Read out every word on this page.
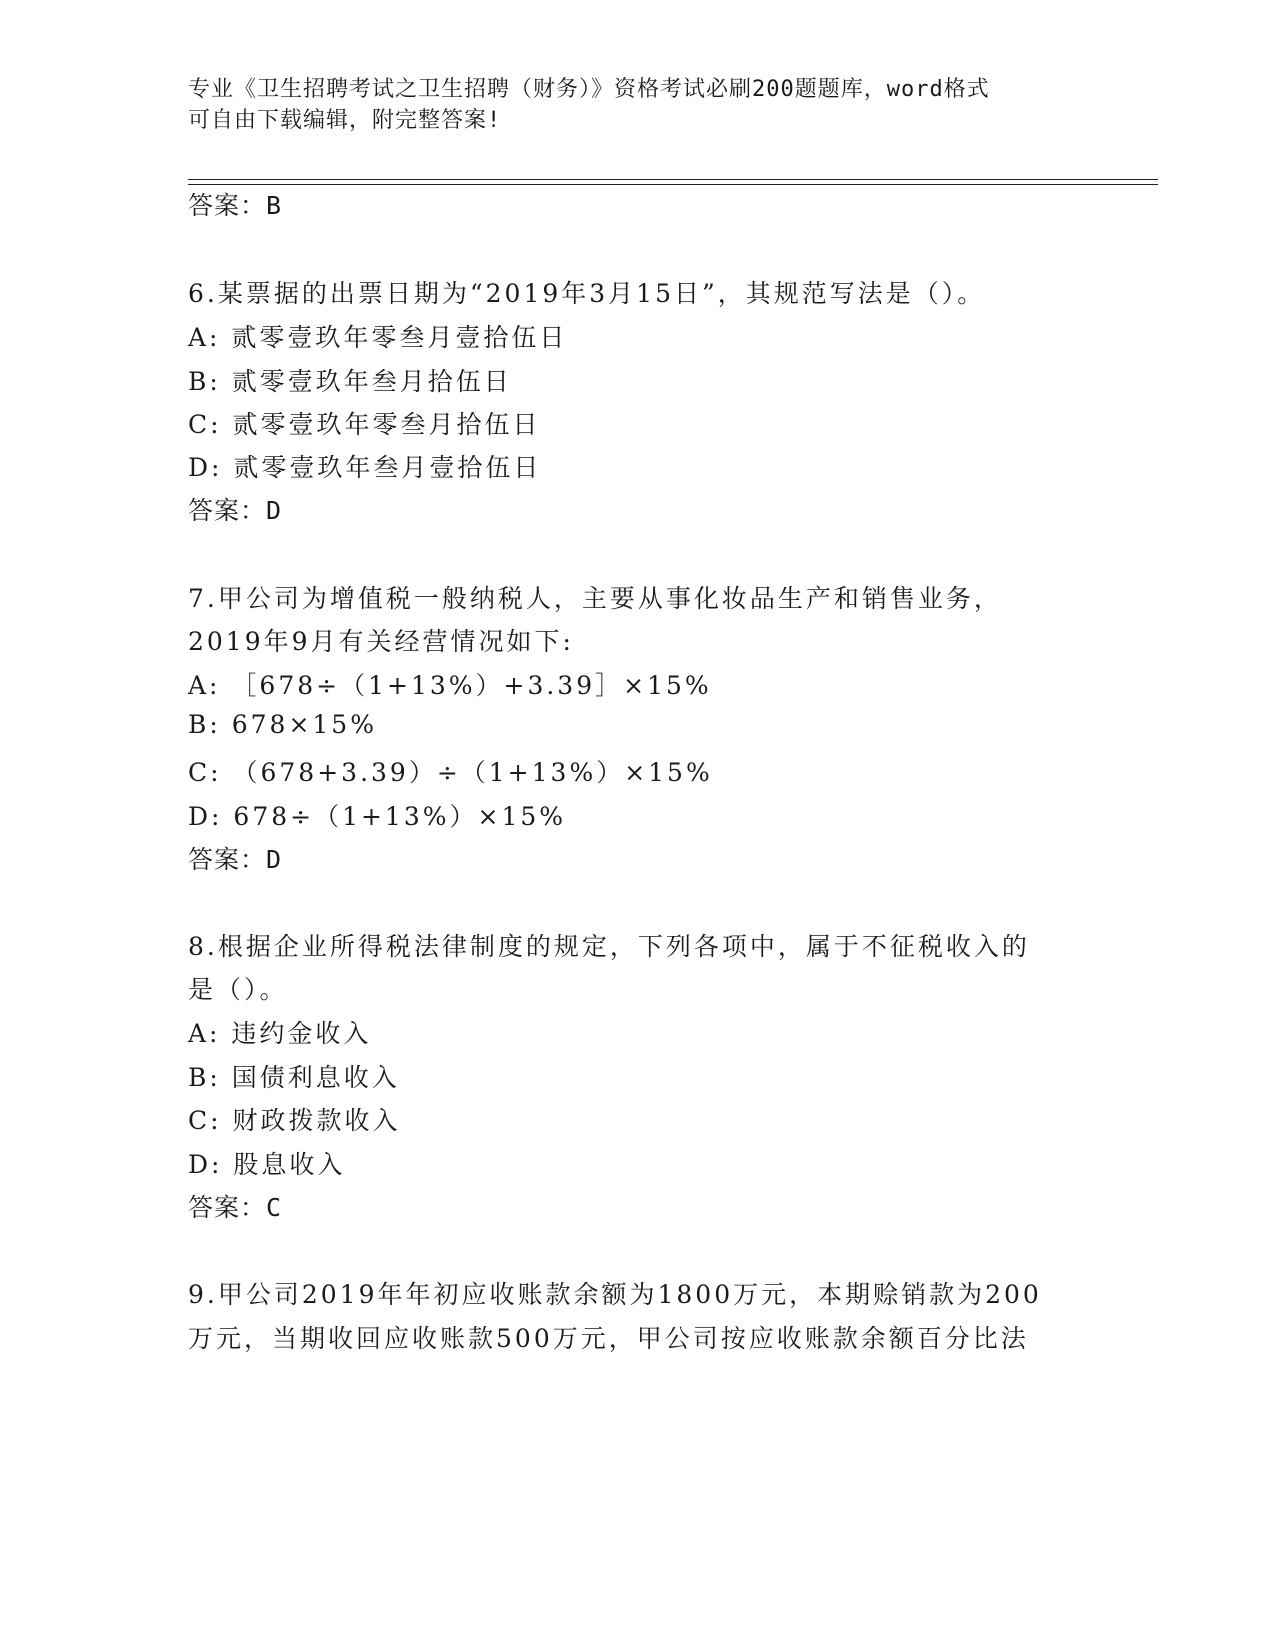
专业《卫生招聘考试之卫生招聘（财务）》资格考试必刷200题题库，word格式
可自由下载编辑，附完整答案!
答案：B
6.某票据的出票日期为“2019年3月15日”，其规范写法是（）。
A: 贰零壹玖年零叁月壹拾伍日
B: 贰零壹玖年叁月拾伍日
C: 贰零壹玖年零叁月拾伍日
D: 贰零壹玖年叁月壹拾伍日
答案：D
7.甲公司为增值税一般纳税人，主要从事化妆品生产和销售业务，
2019年9月有关经营情况如下:
A: ［678÷（1+13%）+3.39］×15%
B: 678×15%
C: （678+3.39）÷（1+13%）×15%
D: 678÷（1+13%）×15%
答案：D
8.根据企业所得税法律制度的规定，下列各项中，属于不征税收入的
是（）。
A: 违约金收入
B: 国债利息收入
C: 财政拨款收入
D: 股息收入
答案：C
9.甲公司2019年年初应收账款余额为1800万元，本期赊销款为200
万元，当期收回应收账款500万元，甲公司按应收账款余额百分比法
